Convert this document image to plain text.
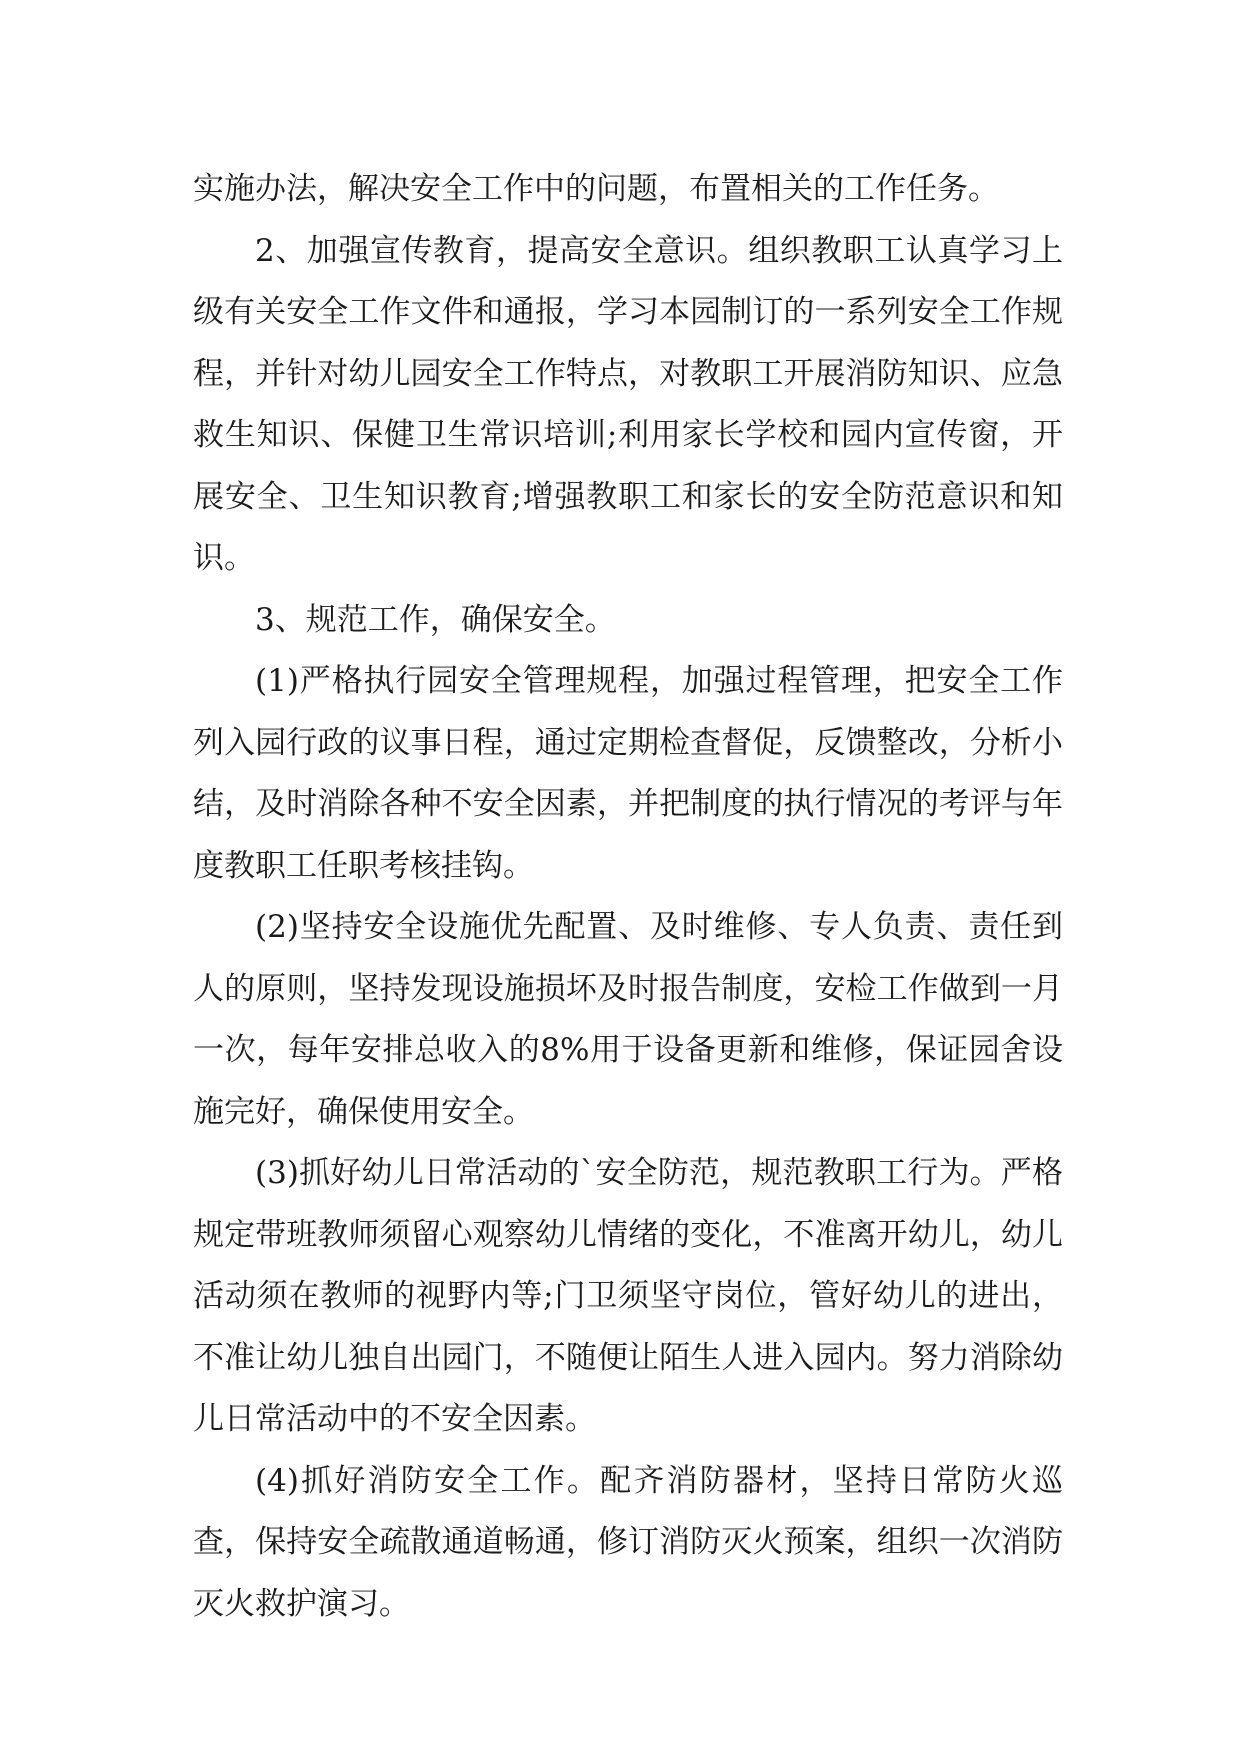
实施办法，解决安全工作中的问题，布置相关的工作任务。

2、加强宣传教育，提高安全意识。组织教职工认真学习上级有关安全工作文件和通报，学习本园制订的一系列安全工作规程，并针对幼儿园安全工作特点，对教职工开展消防知识、应急救生知识、保健卫生常识培训;利用家长学校和园内宣传窗，开展安全、卫生知识教育;增强教职工和家长的安全防范意识和知识。

3、规范工作，确保安全。

(1)严格执行园安全管理规程，加强过程管理，把安全工作列入园行政的议事日程，通过定期检查督促，反馈整改，分析小结，及时消除各种不安全因素，并把制度的执行情况的考评与年度教职工任职考核挂钩。

(2)坚持安全设施优先配置、及时维修、专人负责、责任到人的原则，坚持发现设施损坏及时报告制度，安检工作做到一月一次，每年安排总收入的8%用于设备更新和维修，保证园舍设施完好，确保使用安全。

(3)抓好幼儿日常活动的`安全防范，规范教职工行为。严格规定带班教师须留心观察幼儿情绪的变化，不准离开幼儿，幼儿活动须在教师的视野内等;门卫须坚守岗位，管好幼儿的进出，不准让幼儿独自出园门，不随便让陌生人进入园内。努力消除幼儿日常活动中的不安全因素。

(4)抓好消防安全工作。配齐消防器材，坚持日常防火巡查，保持安全疏散通道畅通，修订消防灭火预案，组织一次消防灭火救护演习。
